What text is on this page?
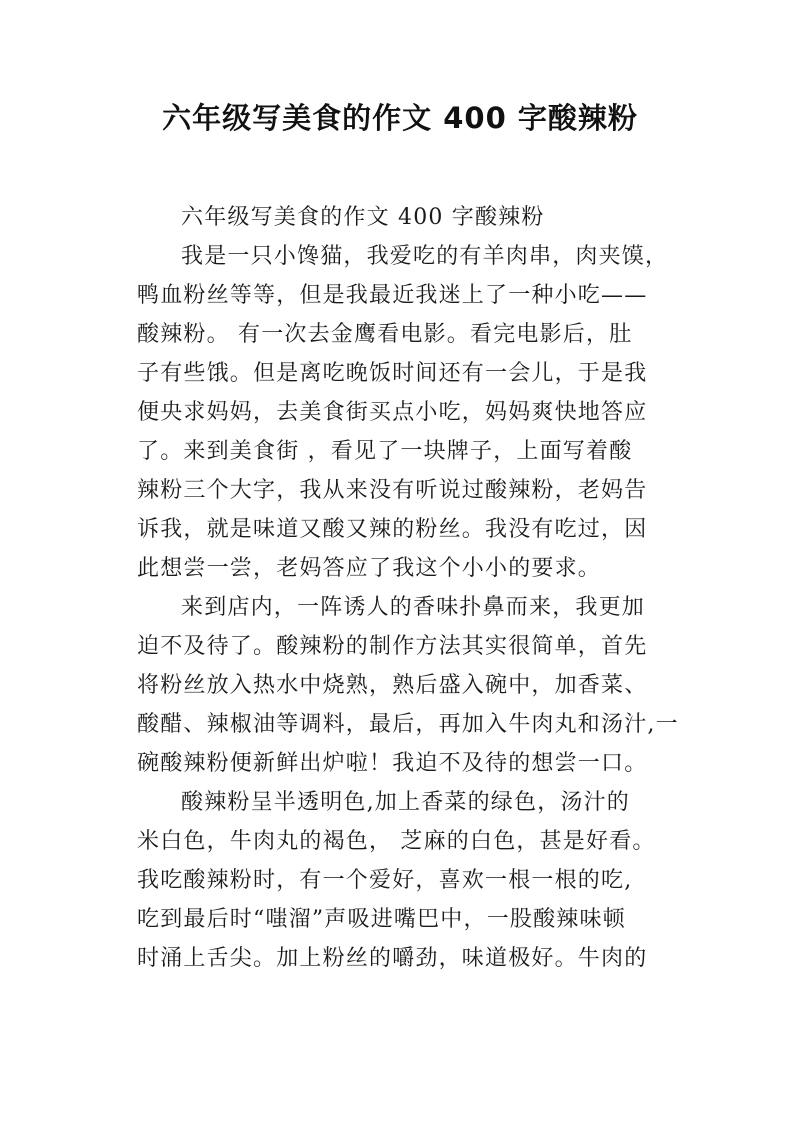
六年级写美食的作文 400 字酸辣粉
六年级写美食的作文 400 字酸辣粉
我是一只小馋猫，我爱吃的有羊肉串，肉夹馍，
鸭血粉丝等等，但是我最近我迷上了一种小吃——
酸辣粉。 有一次去金鹰看电影。看完电影后，肚
子有些饿。但是离吃晚饭时间还有一会儿，于是我
便央求妈妈，去美食街买点小吃，妈妈爽快地答应
了。来到美食街 ，看见了一块牌子，上面写着酸
辣粉三个大字，我从来没有听说过酸辣粉，老妈告
诉我，就是味道又酸又辣的粉丝。我没有吃过，因
此想尝一尝，老妈答应了我这个小小的要求。
来到店内，一阵诱人的香味扑鼻而来，我更加
迫不及待了。酸辣粉的制作方法其实很简单，首先
将粉丝放入热水中烧熟，熟后盛入碗中，加香菜、
酸醋、辣椒油等调料，最后，再加入牛肉丸和汤汁,一
碗酸辣粉便新鲜出炉啦！我迫不及待的想尝一口。
酸辣粉呈半透明色,加上香菜的绿色，汤汁的
米白色，牛肉丸的褐色， 芝麻的白色，甚是好看。
我吃酸辣粉时，有一个爱好，喜欢一根一根的吃,
吃到最后时“嗤溜”声吸进嘴巴中，一股酸辣味顿
时涌上舌尖。加上粉丝的嚼劲，味道极好。牛肉的
